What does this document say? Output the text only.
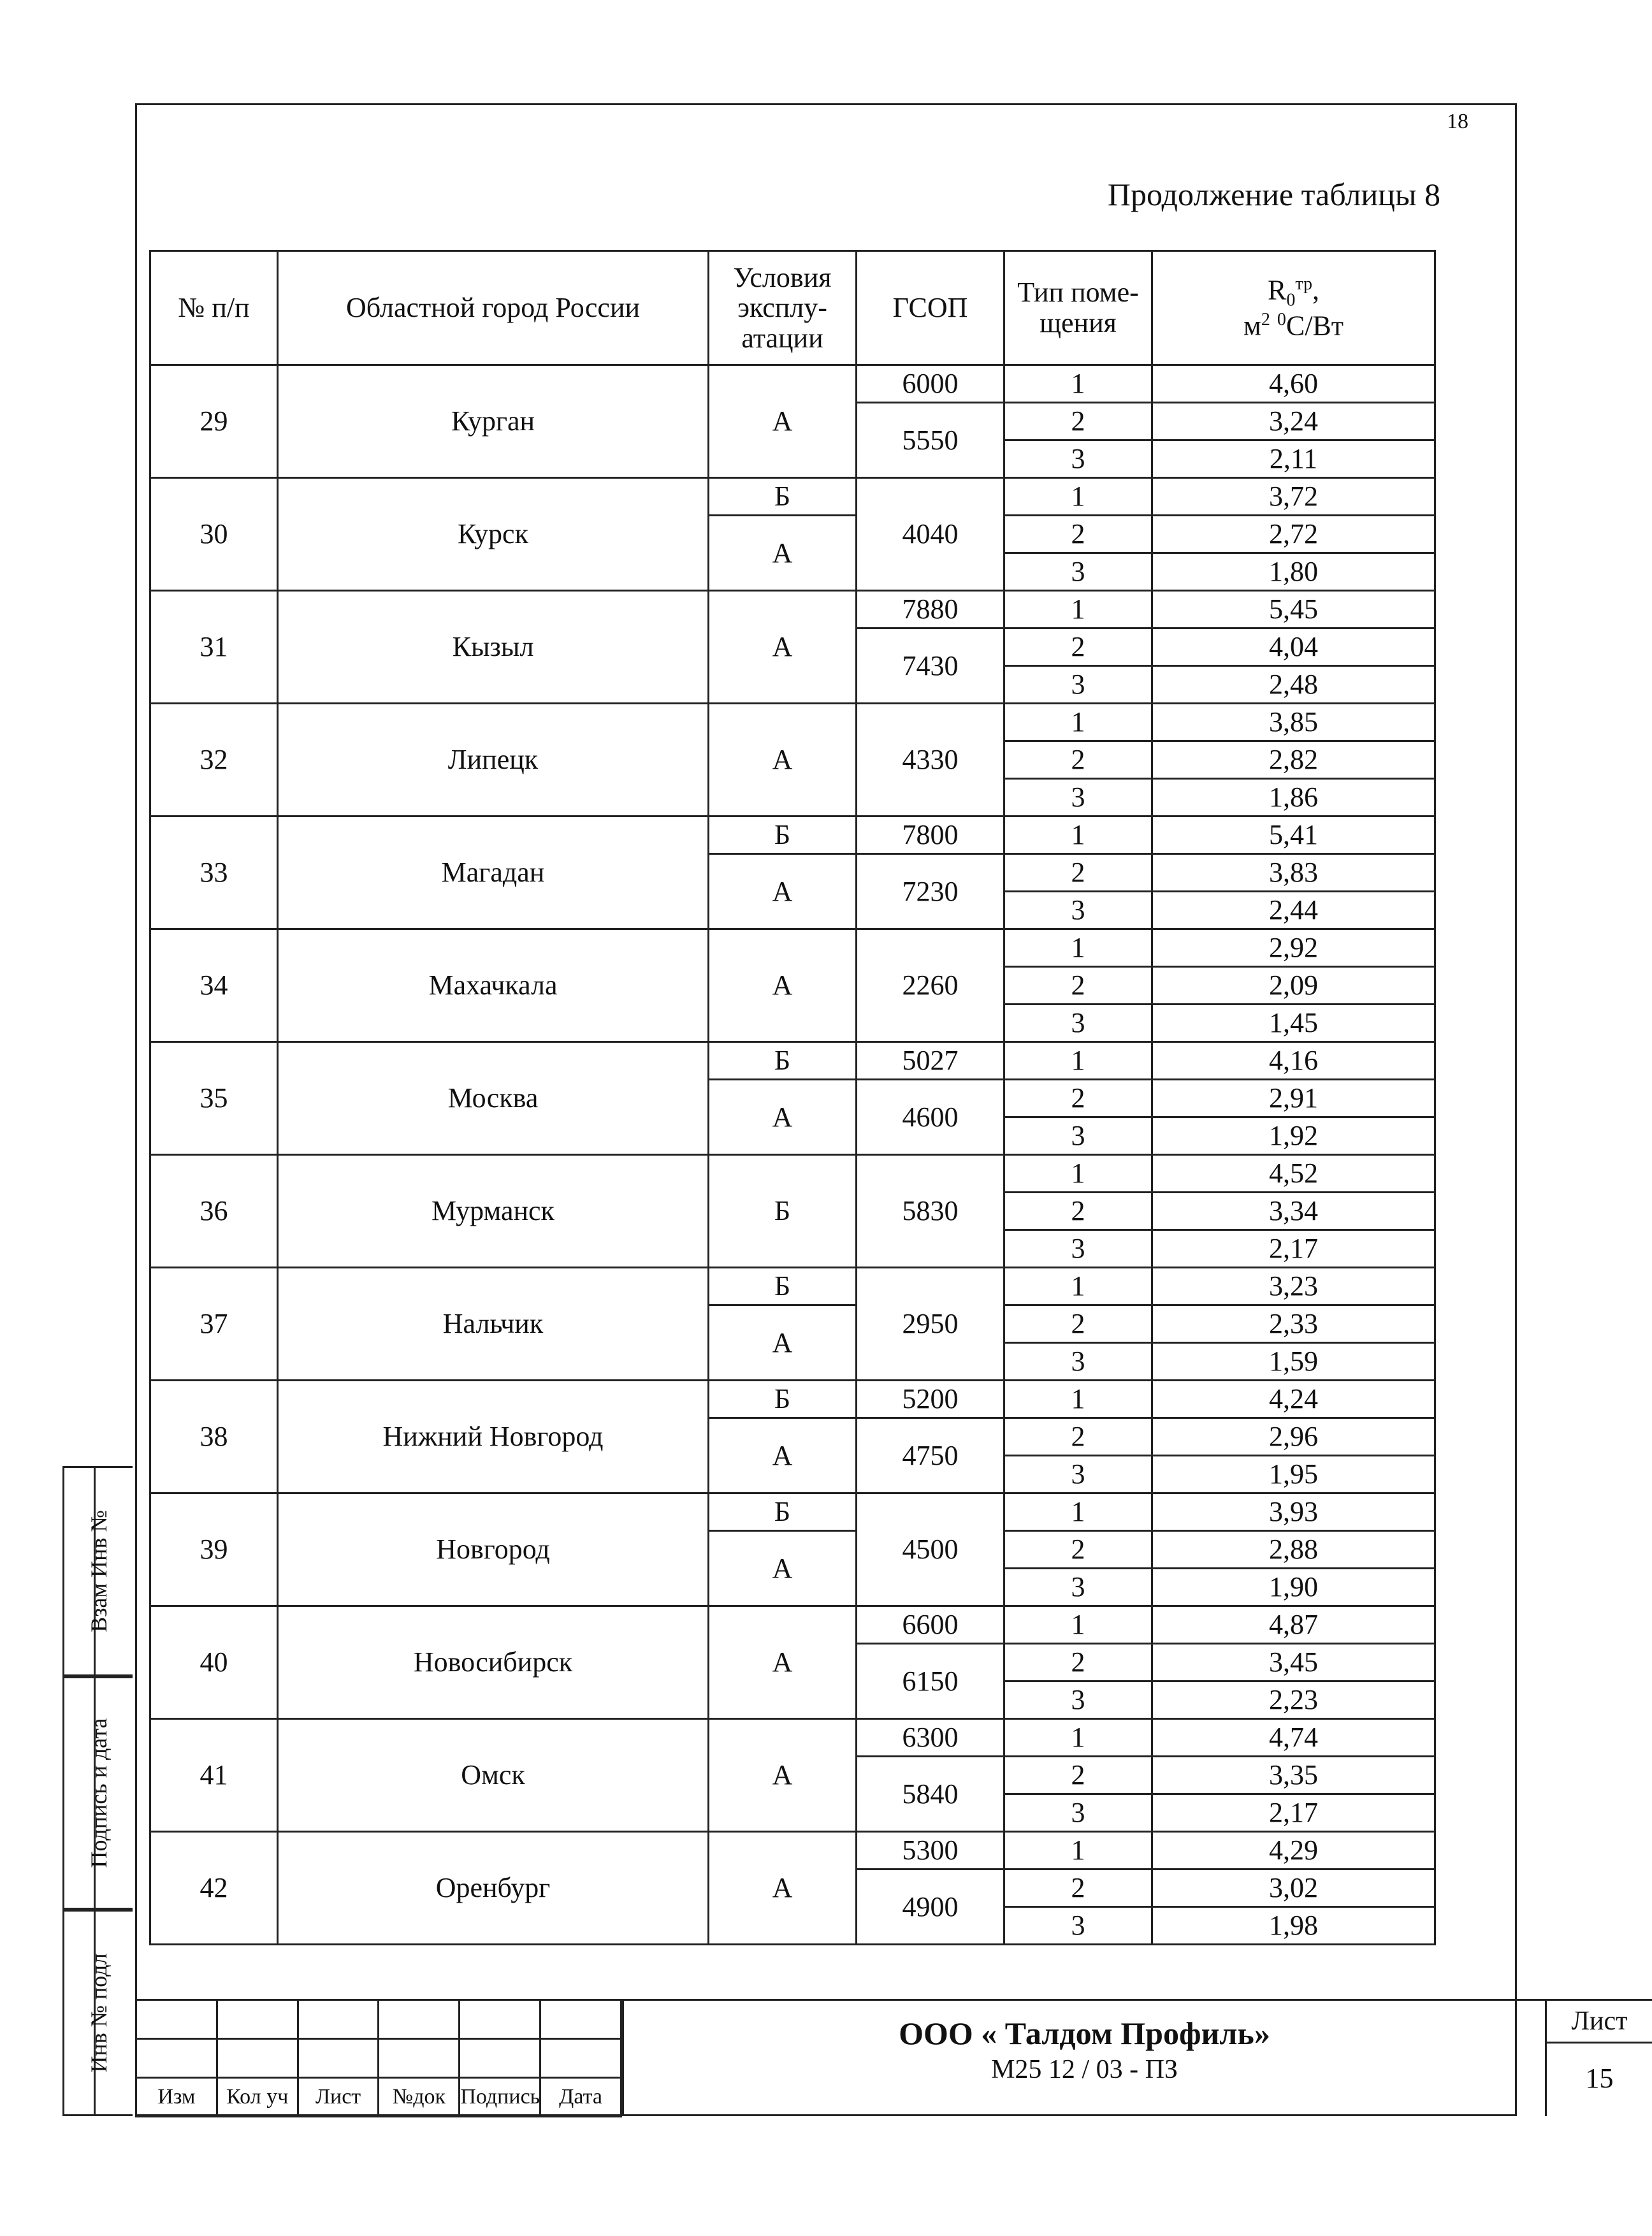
18
Продолжение таблицы 8
№ п/п	Областной город России	Условия эксплу-атации	ГСОП	Тип поме-щения	$R_0^{тр}$,
$м^2$ $^0$С/Вт
29	Курган	А	6000	1	4,60
			5550	2	3,24
				3	2,11
30	Курск	Б	4040	1	3,72
		А		2	2,72
				3	1,80
31	Кызыл	А	7880	1	5,45
			7430	2	4,04
				3	2,48
32	Липецк	А	4330	1	3,85
				2	2,82
				3	1,86
33	Магадан	Б	7800	1	5,41
		А	7230	2	3,83
				3	2,44
34	Махачкала	А	2260	1	2,92
				2	2,09
				3	1,45
35	Москва	Б	5027	1	4,16
		А	4600	2	2,91
				3	1,92
36	Мурманск	Б	5830	1	4,52
				2	3,34
				3	2,17
37	Нальчик	Б	2950	1	3,23
		А		2	2,33
				3	1,59
38	Нижний Новгород	Б	5200	1	4,24
		А	4750	2	2,96
				3	1,95
39	Новгород	Б	4500	1	3,93
		А		2	2,88
				3	1,90
40	Новосибирск	А	6600	1	4,87
			6150	2	3,45
				3	2,23
41	Омск	А	6300	1	4,74
			5840	2	3,35
				3	2,17
42	Оренбург	А	5300	1	4,29
			4900	2	3,02
				3	1,98
Инв № подл
Подпись и дата
Взам Инв №

Изм	Кол уч	Лист	№док	Подпись	Дата
ООО « Талдом Профиль»
М25 12 / 03 - ПЗ
Лист
15
